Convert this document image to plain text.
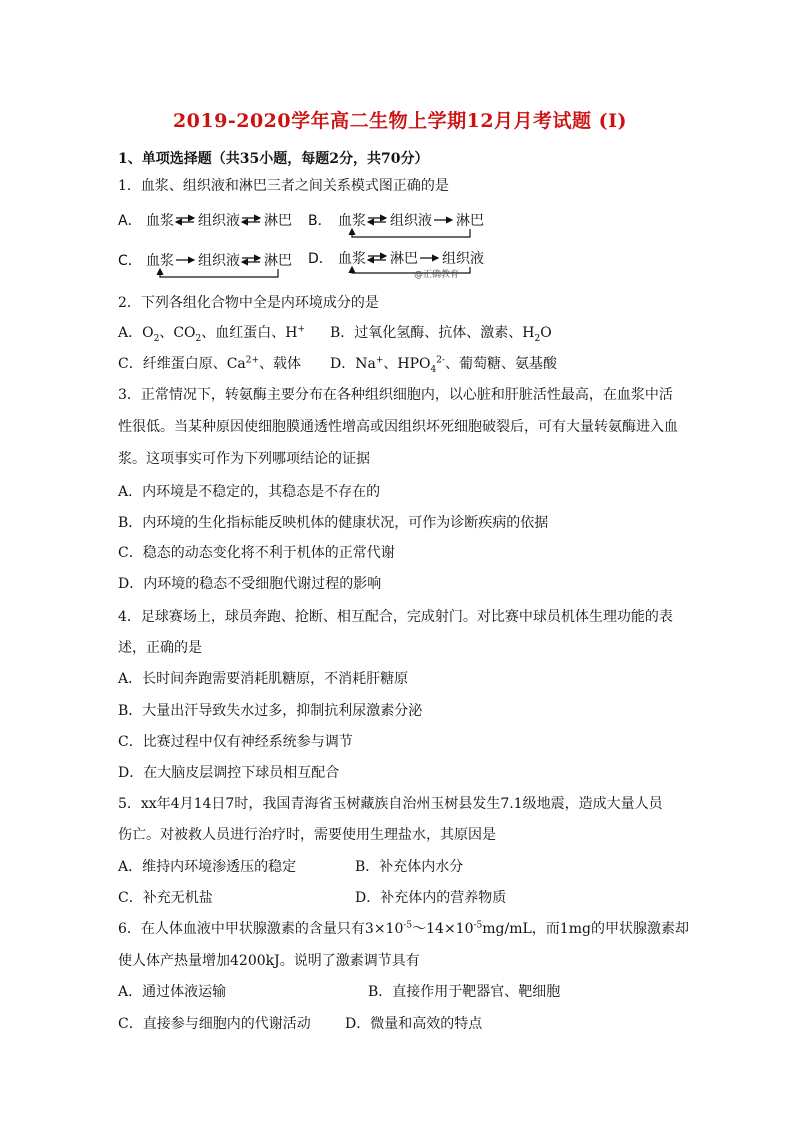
2019-2020学年高二生物上学期12月月考试题 (I)
1、单项选择题（共35小题，每题2分，共70分）
1．血浆、组织液和淋巴三者之间关系模式图正确的是
A． 血浆 组织液 淋巴 B． 血浆 组织液 淋巴
C． 血浆 组织液 淋巴 D． 血浆 淋巴 组织液
@正确教育
2．下列各组化合物中全是内环境成分的是
A．$O_2$、$CO_2$、血红蛋白、H+ B．过氧化氢酶、抗体、激素、$H_2O$
C．纤维蛋白原、$Ca^{2+}$、载体 D．Na+、$HPO_4^{2-}$、葡萄糖、氨基酸
3．正常情况下，转氨酶主要分布在各种组织细胞内，以心脏和肝脏活性最高，在血浆中活
性很低。当某种原因使细胞膜通透性增高或因组织坏死细胞破裂后，可有大量转氨酶进入血
浆。这项事实可作为下列哪项结论的证据
A．内环境是不稳定的，其稳态是不存在的
B．内环境的生化指标能反映机体的健康状况，可作为诊断疾病的依据
C．稳态的动态变化将不利于机体的正常代谢
D．内环境的稳态不受细胞代谢过程的影响
4．足球赛场上，球员奔跑、抢断、相互配合，完成射门。对比赛中球员机体生理功能的表
述，正确的是
A．长时间奔跑需要消耗肌糖原，不消耗肝糖原
B．大量出汗导致失水过多，抑制抗利尿激素分泌
C．比赛过程中仅有神经系统参与调节
D．在大脑皮层调控下球员相互配合
5．xx年4月14日7时，我国青海省玉树藏族自治州玉树县发生7.1级地震，造成大量人员
伤亡。对被救人员进行治疗时，需要使用生理盐水，其原因是
A．维持内环境渗透压的稳定	B．补充体内水分
C．补充无机盐	D．补充体内的营养物质
6．在人体血液中甲状腺激素的含量只有$3\times 10^{-5}\sim 14\times 10^{-5}mg/mL$，而1mg的甲状腺激素却
使人体产热量增加4200kJ。说明了激素调节具有
A．通过体液运输	B．直接作用于靶器官、靶细胞
C．直接参与细胞内的代谢活动 D．微量和高效的特点
